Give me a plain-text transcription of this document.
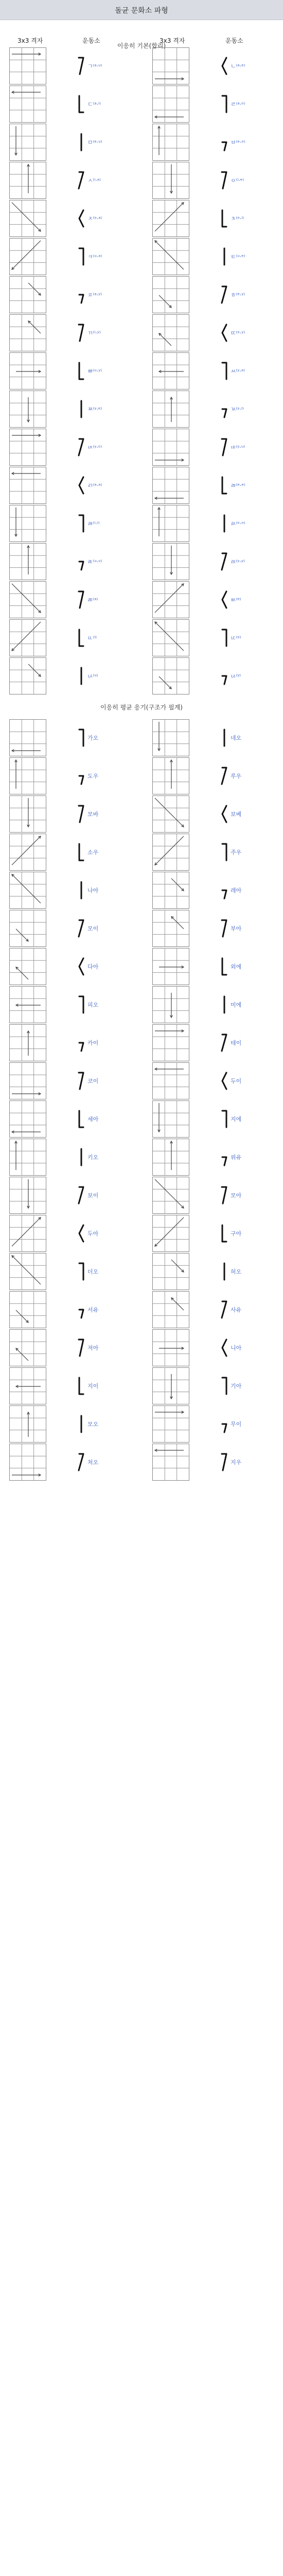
돌균 문화소 파형
3x3 격자	운동소	3x3 격자	운동소
이응히 기본(합리)
이응히 평균 응기(구조가 필계)
ㄱ⁽ᵃ·ᵘ⁾	ㄴ⁽ᵃ·ᵉ⁾
ㄷ⁽ᵃ·ⁱ⁾	ㄹ⁽ᵃ·ᵒ⁾
ㅁ⁽ᵉ·ᵘ⁾	ㅂ⁽ᵉ·ᵒ⁾
ㅅ⁽ⁱ·ᵃ⁾	ㅇ⁽ⁱ·ᵉ⁾
ㅈ⁽ᵒ·ᵃ⁾	ㅊ⁽ᵒ·ⁱ⁾
ㅋ⁽ᵘ·ᵃ⁾	ㅌ⁽ᵘ·ᵉ⁾
ㅍ⁽ᵃ·ʸ⁾	ㅎ⁽ᵉ·ʸ⁾
ㄲ⁽ⁱ·ʸ⁾	ㄸ⁽ᵒ·ʸ⁾
ㅃ⁽ᵘ·ʸ⁾	ㅆ⁽ʸ·ᵃ⁾
ㅉ⁽ʸ·ᵉ⁾	ㄳ⁽ʸ·ⁱ⁾
ㄵ⁽ʸ·ᵒ⁾	ㄶ⁽ʸ·ᵘ⁾
ㄺ⁽ᵃ·ᵃ⁾	ㄻ⁽ᵉ·ᵉ⁾
ㄼ⁽ⁱ·ⁱ⁾	ㄽ⁽ᵒ·ᵒ⁾
ㄾ⁽ᵘ·ᵘ⁾	ㄿ⁽ʸ·ʸ⁾
ㅀ⁽ᵃ⁾	ㅄ⁽ᵉ⁾
ㅥ⁽ⁱ⁾	ㅦ⁽ᵒ⁾
ㅧ⁽ᵘ⁾	ㅨ⁽ʸ⁾
가오	네오
도우	루우
모바	보베
소우	주우
나아	레아
모이	부아
다아	외에
피오	미에
카이	테이
코이	두이
세아	지에
키오	위유
보이	모아
두아	구아
더오	허오
서유	사유
저아	니아
지이	기아
모오	무이
처오	지우
